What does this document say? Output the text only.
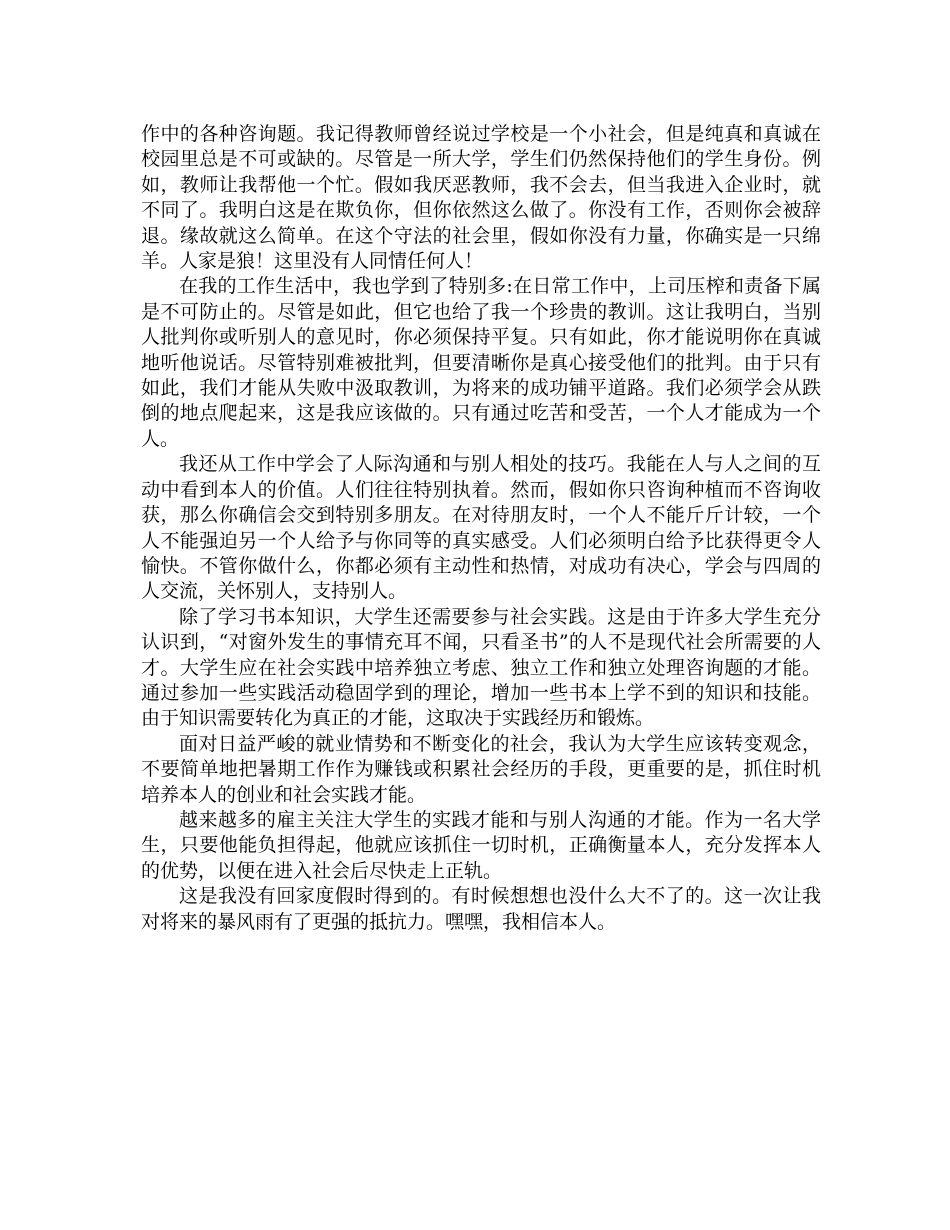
作中的各种咨询题。我记得教师曾经说过学校是一个小社会，但是纯真和真诚在校园里总是不可或缺的。尽管是一所大学，学生们仍然保持他们的学生身份。例如，教师让我帮他一个忙。假如我厌恶教师，我不会去，但当我进入企业时，就不同了。我明白这是在欺负你，但你依然这么做了。你没有工作，否则你会被辞退。缘故就这么简单。在这个守法的社会里，假如你没有力量，你确实是一只绵羊。人家是狼！这里没有人同情任何人！

在我的工作生活中，我也学到了特别多:在日常工作中，上司压榨和责备下属是不可防止的。尽管是如此，但它也给了我一个珍贵的教训。这让我明白，当别人批判你或听别人的意见时，你必须保持平复。只有如此，你才能说明你在真诚地听他说话。尽管特别难被批判，但要清晰你是真心接受他们的批判。由于只有如此，我们才能从失败中汲取教训，为将来的成功铺平道路。我们必须学会从跌倒的地点爬起来，这是我应该做的。只有通过吃苦和受苦，一个人才能成为一个人。

我还从工作中学会了人际沟通和与别人相处的技巧。我能在人与人之间的互动中看到本人的价值。人们往往特别执着。然而，假如你只咨询种植而不咨询收获，那么你确信会交到特别多朋友。在对待朋友时，一个人不能斤斤计较，一个人不能强迫另一个人给予与你同等的真实感受。人们必须明白给予比获得更令人愉快。不管你做什么，你都必须有主动性和热情，对成功有决心，学会与四周的人交流，关怀别人，支持别人。

除了学习书本知识，大学生还需要参与社会实践。这是由于许多大学生充分认识到，“对窗外发生的事情充耳不闻，只看圣书”的人不是现代社会所需要的人才。大学生应在社会实践中培养独立考虑、独立工作和独立处理咨询题的才能。通过参加一些实践活动稳固学到的理论，增加一些书本上学不到的知识和技能。由于知识需要转化为真正的才能，这取决于实践经历和锻炼。

面对日益严峻的就业情势和不断变化的社会，我认为大学生应该转变观念，不要简单地把暑期工作作为赚钱或积累社会经历的手段，更重要的是，抓住时机培养本人的创业和社会实践才能。

越来越多的雇主关注大学生的实践才能和与别人沟通的才能。作为一名大学生，只要他能负担得起，他就应该抓住一切时机，正确衡量本人，充分发挥本人的优势，以便在进入社会后尽快走上正轨。

这是我没有回家度假时得到的。有时候想想也没什么大不了的。这一次让我对将来的暴风雨有了更强的抵抗力。嘿嘿，我相信本人。
